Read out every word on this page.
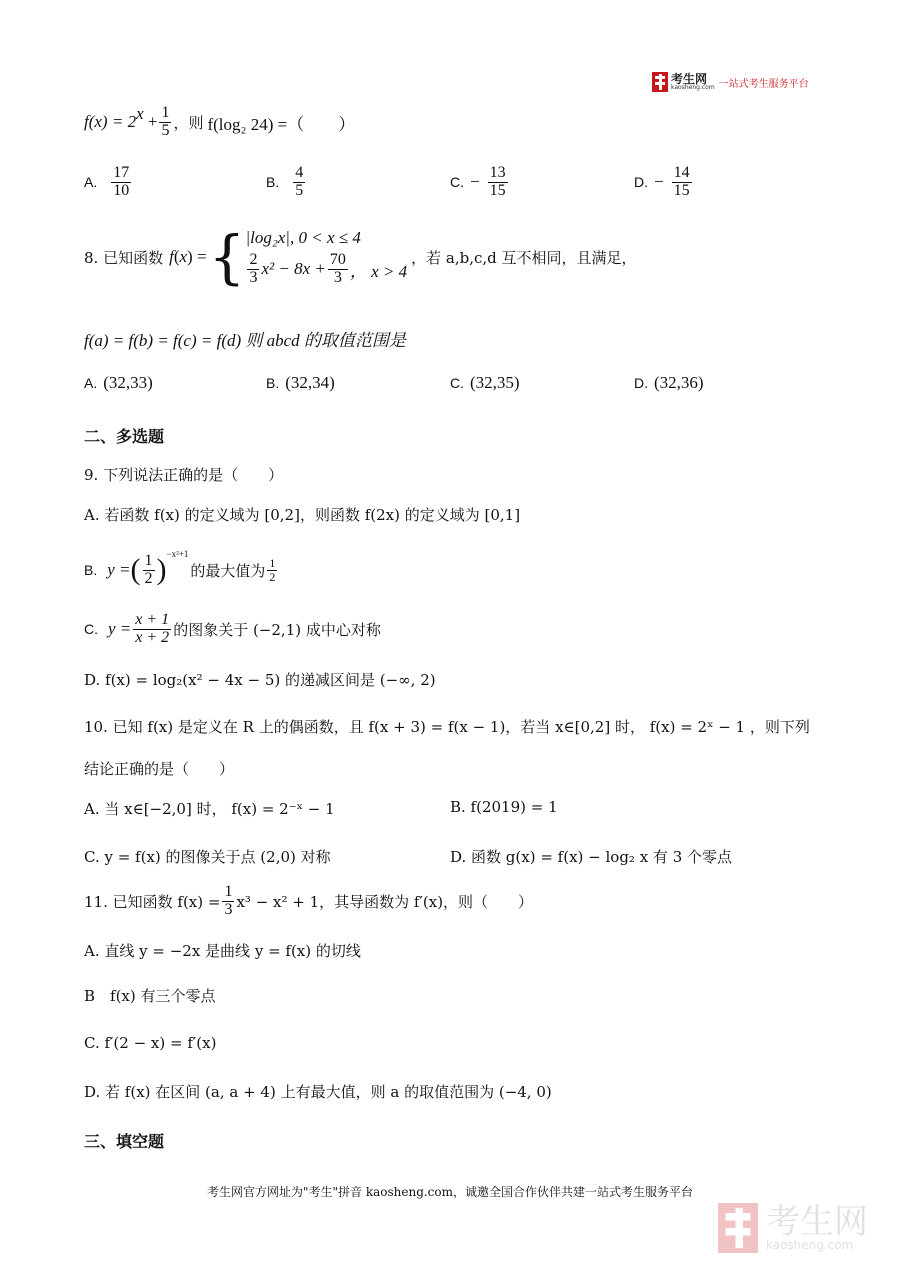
考生网
kaosheng.com 一站式考生服务平台
$f(x) = 2^x + \frac{1}{5}$ ，则 f(log₂ 24) =（　　）
A. $\frac{17}{10}$	B. $\frac{4}{5}$	C. − $\frac{13}{15}$	D. − $\frac{14}{15}$
8. 已知函数 f ( x ) = { |log₂x|, 0 < x ≤ 4
$\frac{2}{3} x^2 - 8x + \frac{70}{3}$ ， x > 4
，若 a,b,c,d 互不相同，且满足，
f(a) = f(b) = f(c) = f(d) 则 abcd 的取值范围是
A. (32,33)	B. (32,34)	C. (32,35)	D. (32,36)
二、多选题
9. 下列说法正确的是（　　）
A. 若函数 f(x) 的定义域为 [0,2]，则函数 f(2x) 的定义域为 [0,1]
B. y = ( $\frac{1}{2} )^{-x^2+1}$
的最大值为 $\frac{1}{2}$
C. $y = \frac{x + 1}{x + 2}$ 的图象关于 (−2,1) 成中心对称
D. f(x) = log₂(x² − 4x − 5) 的递减区间是 (−∞, 2)
10. 已知 f(x) 是定义在 R 上的偶函数，且 f(x + 3) = f(x − 1)，若当 x∈[0,2] 时， f(x) = 2ˣ − 1 ，则下列
结论正确的是（　　）
A. 当 x∈[−2,0] 时， f(x) = 2⁻ˣ − 1	B. f(2019) = 1
C. y = f(x) 的图像关于点 (2,0) 对称	D. 函数 g(x) = f(x) − log₂ x 有 3 个零点
11. 已知函数 $f(x) = \frac{1}{3} x^3 - x^2 + 1$，其导函数为 f′(x)，则（　　）
A. 直线 y = −2x 是曲线 y = f(x) 的切线
B　f(x) 有三个零点
C. f′(2 − x) = f′(x)
D. 若 f(x) 在区间 (a, a + 4) 上有最大值，则 a 的取值范围为 (−4, 0)
三、填空题
考生网官方网址为"考生"拼音 kaosheng.com，诚邀全国合作伙伴共建一站式考生服务平台
考生网
kaosheng.com
